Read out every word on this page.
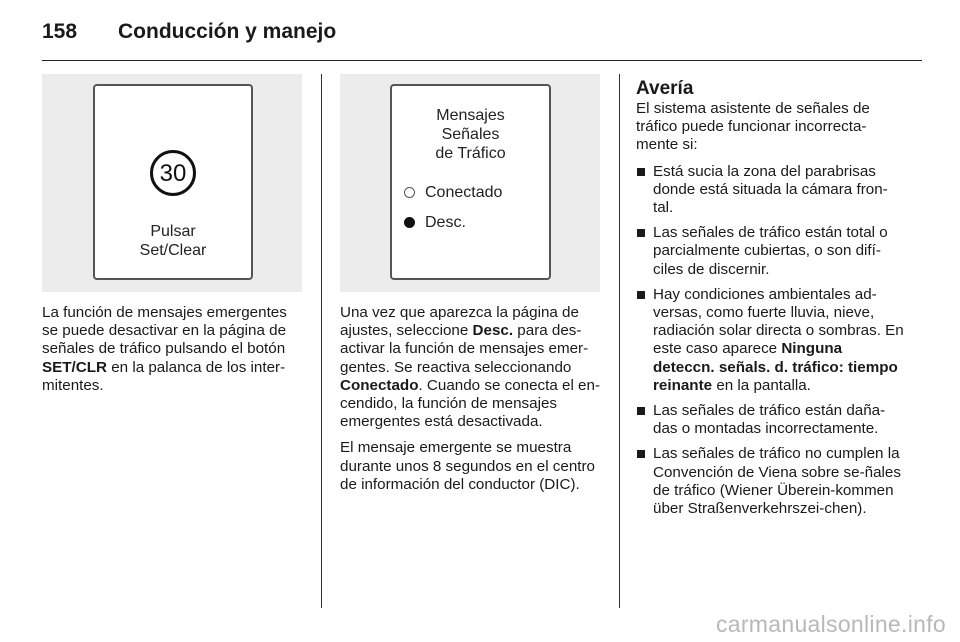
158 Conducción y manejo
30
Pulsar
Set/Clear
Mensajes
Señales
de Tráfico
Conectado
Desc.

La función de mensajes emergentes se puede desactivar en la página de señales de tráfico pulsando el botón SET/CLR en la palanca de los inter-mitentes.

Una vez que aparezca la página de ajustes, seleccione Desc. para des-activar la función de mensajes emer-gentes. Se reactiva seleccionando Conectado. Cuando se conecta el en-cendido, la función de mensajes emergentes está desactivada.

El mensaje emergente se muestra durante unos 8 segundos en el centro de información del conductor (DIC).

Avería

El sistema asistente de señales de tráfico puede funcionar incorrecta-mente si:

Está sucia la zona del parabrisas donde está situada la cámara fron-tal.
Las señales de tráfico están total o parcialmente cubiertas, o son difí-ciles de discernir.
Hay condiciones ambientales ad-versas, como fuerte lluvia, nieve, radiación solar directa o sombras. En este caso aparece Ninguna deteccn. señals. d. tráfico: tiempo reinante en la pantalla.
Las señales de tráfico están daña-das o montadas incorrectamente.
Las señales de tráfico no cumplen la Convención de Viena sobre se-ñales de tráfico (Wiener Überein-kommen über Straßenverkehrszei-chen).
carmanualsonline.info
